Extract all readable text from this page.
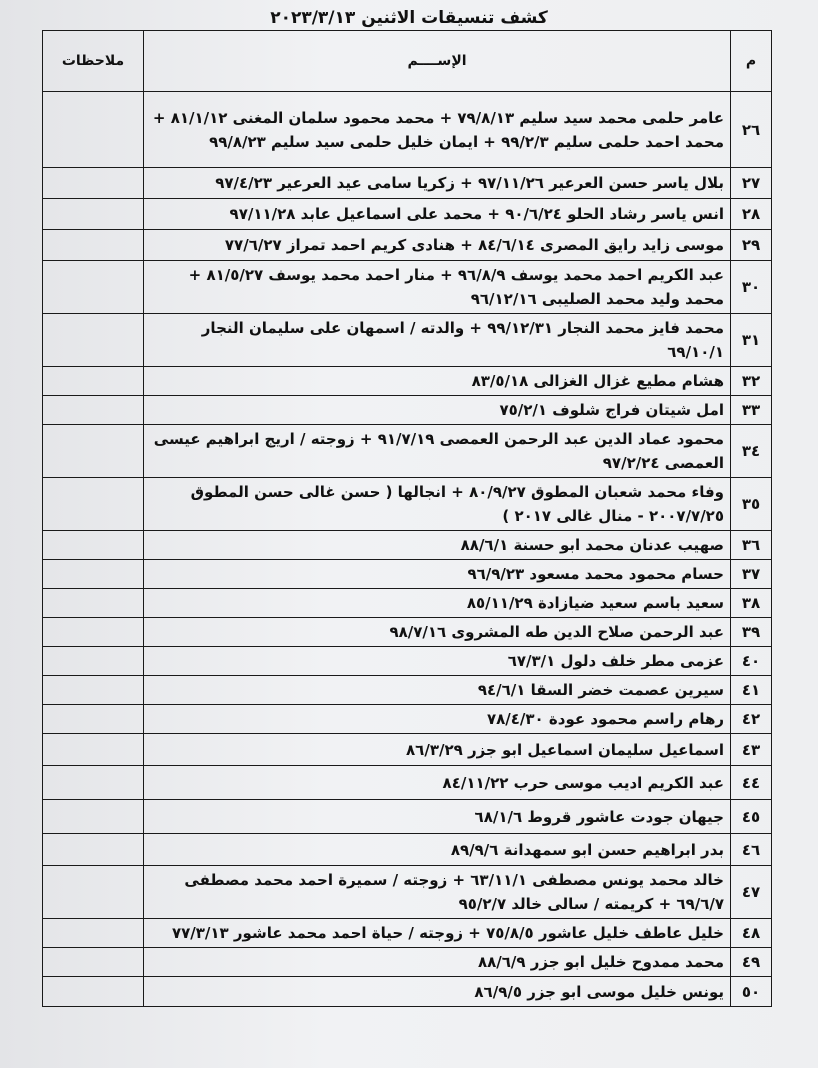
كشف تنسيقات الاثنين ٢٠٢٣/٣/١٣
م	الإســــم	ملاحظات
٢٦	عامر حلمى محمد سيد سليم ٧٩/٨/١٣ + محمد محمود سلمان المغنى ٨١/١/١٢ + محمد احمد حلمى سليم ٩٩/٢/٣ + ايمان خليل حلمى سيد سليم ٩٩/٨/٢٣	
٢٧	بلال ياسر حسن العرعير ٩٧/١١/٢٦ + زكريا سامى عيد العرعير ٩٧/٤/٢٣	
٢٨	انس ياسر رشاد الحلو ٩٠/٦/٢٤ + محمد على اسماعيل عابد ٩٧/١١/٢٨	
٢٩	موسى زايد رايق المصرى ٨٤/٦/١٤ + هنادى كريم احمد تمراز ٧٧/٦/٢٧	
٣٠	عبد الكريم احمد محمد يوسف ٩٦/٨/٩ + منار احمد محمد يوسف ٨١/٥/٢٧ + محمد وليد محمد الصليبى ٩٦/١٢/١٦	
٣١	محمد فايز محمد النجار ٩٩/١٢/٣١ + والدته / اسمهان على سليمان النجار ٦٩/١٠/١	
٣٢	هشام مطيع غزال الغزالى ٨٣/٥/١٨	
٣٣	امل شيتان فراج شلوف ٧٥/٢/١	
٣٤	محمود عماد الدين عبد الرحمن العمصى ٩١/٧/١٩ + زوجته / اريج ابراهيم عيسى العمصى ٩٧/٢/٢٤	
٣٥	وفاء محمد شعبان المطوق ٨٠/٩/٢٧ + انجالها ( حسن غالى حسن المطوق ٢٠٠٧/٧/٢٥ - منال غالى ٢٠١٧ )	
٣٦	صهيب عدنان محمد ابو حسنة ٨٨/٦/١	
٣٧	حسام محمود محمد مسعود ٩٦/٩/٢٣	
٣٨	سعيد باسم سعيد ضيازادة ٨٥/١١/٢٩	
٣٩	عبد الرحمن صلاح الدين طه المشروى ٩٨/٧/١٦	
٤٠	عزمى مطر خلف دلول ٦٧/٣/١	
٤١	سيرين عصمت خضر السقا ٩٤/٦/١	
٤٢	رهام راسم محمود عودة ٧٨/٤/٣٠	
٤٣	اسماعيل سليمان اسماعيل ابو جزر ٨٦/٣/٢٩	
٤٤	عبد الكريم اديب موسى حرب ٨٤/١١/٢٢	
٤٥	جيهان جودت عاشور قروط ٦٨/١/٦	
٤٦	بدر ابراهيم حسن ابو سمهدانة ٨٩/٩/٦	
٤٧	خالد محمد يونس مصطفى ٦٣/١١/١ + زوجته / سميرة احمد محمد مصطفى ٦٩/٦/٧ + كريمته / سالى خالد ٩٥/٢/٧	
٤٨	خليل عاطف خليل عاشور ٧٥/٨/٥ + زوجته / حياة احمد محمد عاشور ٧٧/٣/١٣	
٤٩	محمد ممدوح خليل ابو جزر ٨٨/٦/٩	
٥٠	يونس خليل موسى ابو جزر ٨٦/٩/٥	
